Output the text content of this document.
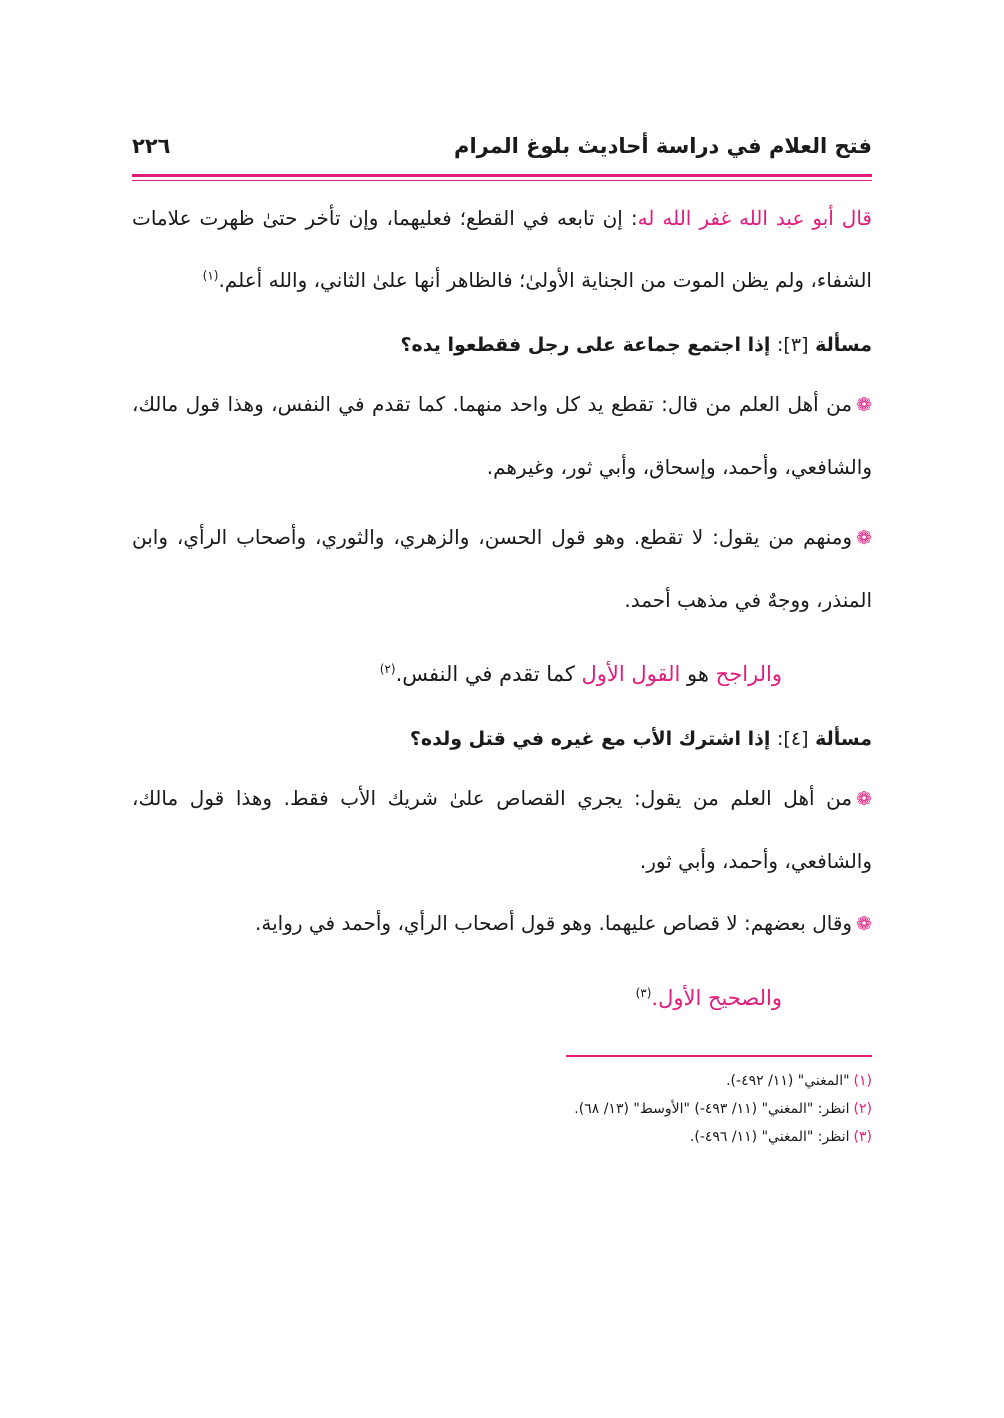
فتح العلام في دراسة أحاديث بلوغ المرام
٢٢٦

قال أبو عبد الله غفر الله له: إن تابعه في القطع؛ فعليهما، وإن تأخر حتىٰ ظهرت علامات الشفاء، ولم يظن الموت من الجناية الأولىٰ؛ فالظاهر أنها علىٰ الثاني، والله أعلم.$^{(١)}$

مسألة [٣]: إذا اجتمع جماعة على رجل فقطعوا يده؟

❁من أهل العلم من قال: تقطع يد كل واحد منهما. كما تقدم في النفس، وهذا قول مالك، والشافعي، وأحمد، وإسحاق، وأبي ثور، وغيرهم.

❁ومنهم من يقول: لا تقطع. وهو قول الحسن، والزهري، والثوري، وأصحاب الرأي، وابن المنذر، ووجهٌ في مذهب أحمد.

والراجح هو القول الأول كما تقدم في النفس.$^{(٢)}$

مسألة [٤]: إذا اشترك الأب مع غيره في قتل ولده؟

❁من أهل العلم من يقول: يجري القصاص علىٰ شريك الأب فقط. وهذا قول مالك، والشافعي، وأحمد، وأبي ثور.

❁وقال بعضهم: لا قصاص عليهما. وهو قول أصحاب الرأي، وأحمد في رواية.

والصحيح الأول.$^{(٣)}$

(١)"المغني" (١١/ ٤٩٢-).
(٢)انظر: "المغني" (١١/ ٤٩٣-) "الأوسط" (١٣/ ٦٨).
(٣)انظر: "المغني" (١١/ ٤٩٦-).
